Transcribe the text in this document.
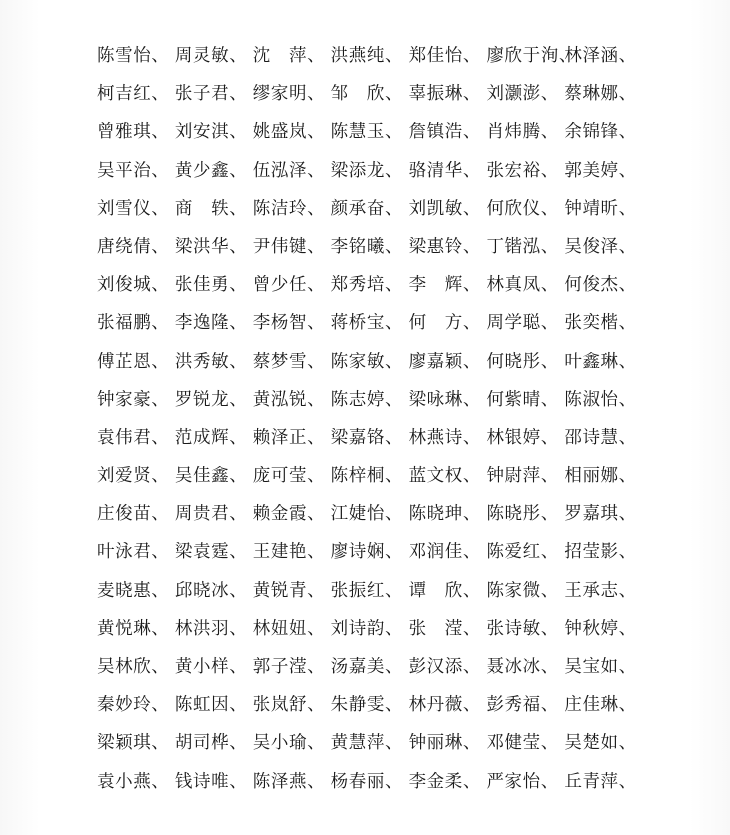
陈雪怡、 周灵敏、 沈　萍、 洪燕纯、 郑佳怡、 廖欣于洵、
林泽涵、
柯吉红、 张子君、 缪家明、 邹　欣、 辜振琳、 刘灏澎、 蔡琳娜、
曾雅琪、 刘安淇、 姚盛岚、 陈慧玉、 詹镇浩、 肖炜腾、 余锦锋、
吴平治、 黄少鑫、 伍泓泽、 梁添龙、 骆清华、 张宏裕、 郭美婷、
刘雪仪、 商　轶、 陈洁玲、 颜承奋、 刘凯敏、 何欣仪、 钟靖昕、
唐绕倩、 梁洪华、 尹伟键、 李铭曦、 梁惠铃、 丁锴泓、 吴俊泽、
刘俊城、 张佳勇、 曾少任、 郑秀培、 李　辉、 林真凤、 何俊杰、
张福鹏、 李逸隆、 李杨智、 蒋桥宝、 何　方、 周学聪、 张奕楷、
傅芷恩、 洪秀敏、 蔡梦雪、 陈家敏、 廖嘉颖、 何晓彤、 叶鑫琳、
钟家豪、 罗锐龙、 黄泓锐、 陈志婷、 梁咏琳、 何紫晴、 陈淑怡、
袁伟君、 范成辉、 赖泽正、 梁嘉铬、 林燕诗、 林银婷、 邵诗慧、
刘爱贤、 吴佳鑫、 庞可莹、 陈梓桐、 蓝文权、 钟尉萍、 相丽娜、
庄俊苗、 周贵君、 赖金霞、 江婕怡、 陈晓珅、 陈晓彤、 罗嘉琪、
叶泳君、 梁袁霆、 王建艳、 廖诗娴、 邓润佳、 陈爱红、 招莹影、
麦晓惠、 邱晓冰、 黄锐青、 张振红、 谭　欣、 陈家微、 王承志、
黄悦琳、 林洪羽、 林妞妞、 刘诗韵、 张　滢、 张诗敏、 钟秋婷、
吴林欣、 黄小样、 郭子滢、 汤嘉美、 彭汉添、 聂冰冰、 吴宝如、
秦妙玲、 陈虹因、 张岚舒、 朱静雯、 林丹薇、 彭秀福、 庄佳琳、
梁颖琪、 胡司桦、 吴小瑜、 黄慧萍、 钟丽琳、 邓健莹、 吴楚如、
袁小燕、 钱诗唯、 陈泽燕、 杨春丽、 李金柔、 严家怡、 丘青萍、
